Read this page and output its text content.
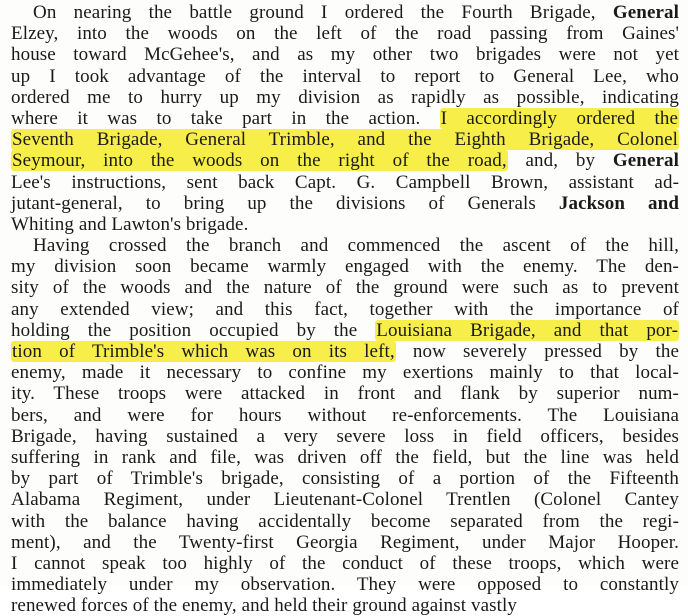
On nearing the battle ground I ordered the Fourth Brigade, General
Elzey, into the woods on the left of the road passing from Gaines'
house toward McGehee's, and as my other two brigades were not yet
up I took advantage of the interval to report to General Lee, who
ordered me to hurry up my division as rapidly as possible, indicating
where it was to take part in the action. I accordingly ordered the
Seventh Brigade, General Trimble, and the Eighth Brigade, Colonel
Seymour, into the woods on the right of the road, and, by General
Lee's instructions, sent back Capt. G. Campbell Brown, assistant ad-
jutant-general, to bring up the divisions of Generals Jackson and
Whiting and Lawton's brigade.
Having crossed the branch and commenced the ascent of the hill,
my division soon became warmly engaged with the enemy. The den-
sity of the woods and the nature of the ground were such as to prevent
any extended view; and this fact, together with the importance of
holding the position occupied by the Louisiana Brigade, and that por-
tion of Trimble's which was on its left, now severely pressed by the
enemy, made it necessary to confine my exertions mainly to that local-
ity. These troops were attacked in front and flank by superior num-
bers, and were for hours without re-enforcements. The Louisiana
Brigade, having sustained a very severe loss in field officers, besides
suffering in rank and file, was driven off the field, but the line was held
by part of Trimble's brigade, consisting of a portion of the Fifteenth
Alabama Regiment, under Lieutenant-Colonel Trentlen (Colonel Cantey
with the balance having accidentally become separated from the regi-
ment), and the Twenty-first Georgia Regiment, under Major Hooper.
I cannot speak too highly of the conduct of these troops, which were
immediately under my observation. They were opposed to constantly
renewed forces of the enemy, and held their ground against vastly
